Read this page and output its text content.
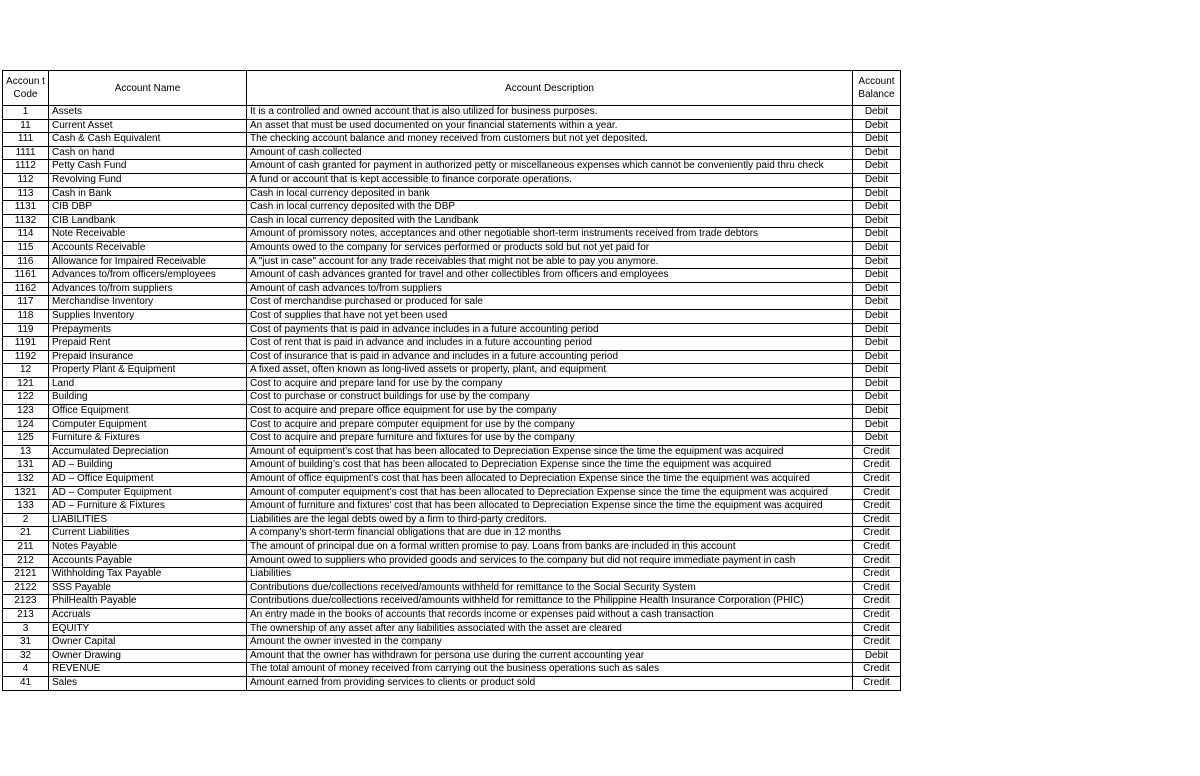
Accoun t Code	Account Name	Account Description	Account Balance
1	Assets	It is a controlled and owned account that is also utilized for business purposes.	Debit
11	Current Asset	An asset that must be used documented on your financial statements within a year.	Debit
111	Cash & Cash Equivalent	The checking account balance and money received from customers but not yet deposited.	Debit
1111	Cash on hand	Amount of cash collected	Debit
1112	Petty Cash Fund	Amount of cash granted for payment in authorized petty or miscellaneous expenses which cannot be conveniently paid thru check	Debit
112	Revolving Fund	A fund or account that is kept accessible to finance corporate operations.	Debit
113	Cash in Bank	Cash in local currency deposited in bank	Debit
1131	CIB DBP	Cash in local currency deposited with the DBP	Debit
1132	CIB Landbank	Cash in local currency deposited with the Landbank	Debit
114	Note Receivable	Amount of promissory notes, acceptances and other negotiable short-term instruments received from trade debtors	Debit
115	Accounts Receivable	Amounts owed to the company for services performed or products sold but not yet paid for	Debit
116	Allowance for Impaired Receivable	A "just in case" account for any trade receivables that might not be able to pay you anymore.	Debit
1161	Advances to/from officers/employees	Amount of cash advances granted for travel and other collectibles from officers and employees	Debit
1162	Advances to/from suppliers	Amount of cash advances to/from suppliers	Debit
117	Merchandise Inventory	Cost of merchandise purchased or produced for sale	Debit
118	Supplies Inventory	Cost of supplies that have not yet been used	Debit
119	Prepayments	Cost of payments that is paid in advance includes in a future accounting period	Debit
1191	Prepaid Rent	Cost of rent that is paid in advance and includes in a future accounting period	Debit
1192	Prepaid Insurance	Cost of insurance that is paid in advance and includes in a future accounting period	Debit
12	Property Plant & Equipment	A fixed asset, often known as long-lived assets or property, plant, and equipment	Debit
121	Land	Cost to acquire and prepare land for use by the company	Debit
122	Building	Cost to purchase or construct buildings for use by the company	Debit
123	Office Equipment	Cost to acquire and prepare office equipment for use by the company	Debit
124	Computer Equipment	Cost to acquire and prepare computer equipment for use by the company	Debit
125	Furniture & Fixtures	Cost to acquire and prepare furniture and fixtures for use by the company	Debit
13	Accumulated Depreciation	Amount of equipment’s cost that has been allocated to Depreciation Expense since the time the equipment was acquired	Credit
131	AD – Building	Amount of building’s cost that has been allocated to Depreciation Expense since the time the equipment was acquired	Credit
132	AD – Office Equipment	Amount of office equipment’s cost that has been allocated to Depreciation Expense since the time the equipment was acquired	Credit
1321	AD – Computer Equipment	Amount of computer equipment’s cost that has been allocated to Depreciation Expense since the time the equipment was acquired	Credit
133	AD – Furniture & Fixtures	Amount of furniture and fixtures’ cost that has been allocated to Depreciation Expense since the time the equipment was acquired	Credit
2	LIABILITIES	Liabilities are the legal debts owed by a firm to third-party creditors.	Credit
21	Current Liabilities	A company's short-term financial obligations that are due in 12 months	Credit
211	Notes Payable	The amount of principal due on a formal written promise to pay. Loans from banks are included in this account	Credit
212	Accounts Payable	Amount owed to suppliers who provided goods and services to the company but did not require immediate payment in cash	Credit
2121	Withholding Tax Payable	Liabilities	Credit
2122	SSS Payable	Contributions due/collections received/amounts withheld for remittance to the Social Security System	Credit
2123	PhilHealth Payable	Contributions due/collections received/amounts withheld for remittance to the Philippine Health Insurance Corporation (PHIC)	Credit
213	Accruals	An entry made in the books of accounts that records income or expenses paid without a cash transaction	Credit
3	EQUITY	The ownership of any asset after any liabilities associated with the asset are cleared	Credit
31	Owner Capital	Amount the owner invested in the company	Credit
32	Owner Drawing	Amount that the owner has withdrawn for persona use during the current accounting year	Debit
4	REVENUE	The total amount of money received from carrying out the business operations such as sales	Credit
41	Sales	Amount earned from providing services to clients or product sold	Credit
